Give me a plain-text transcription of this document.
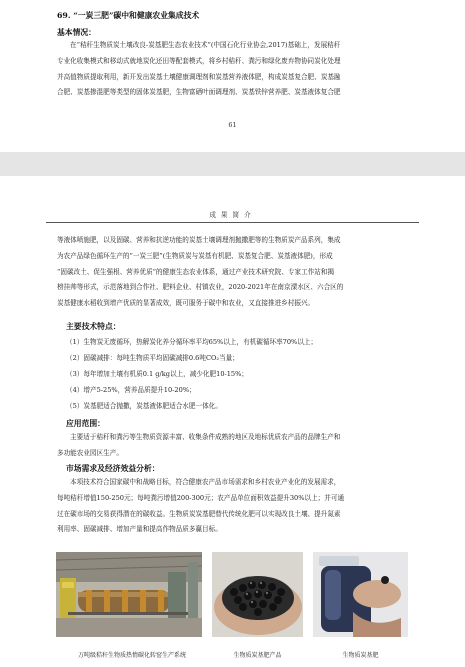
69. “一炭三肥”碳中和健康农业集成技术
基本情况：
在“秸秆生物质炭土壤改良-炭基肥生态农业技术”(中国石化行业协会,2017)基础上，发展秸秆
专业化收集模式和移动式就地炭化还田等配套模式，将乡村秸秆、粪污和绿化废弃物协同炭化处理
并高值物质提取利用，新开发出炭基土壤健康调理剂和炭基营养液体肥，构成炭基复合肥、炭基融
合肥、炭基掺混肥等类型的固体炭基肥，生物富硒叶面调理剂、炭基铁锌营养肥、炭基液体复合肥
61
成果简介
等液体喷施肥，以及固碳、营养和抗逆功能的炭基土壤调理剂抛撒肥等的生物质炭产品系列，集成
为农产品绿色循环生产的”一炭三肥”(生物质炭与炭基有机肥、炭基复合肥、炭基液体肥)，形成
“固碳改土、促生强根、营养优质”的健康生态农业体系，通过产业技术研究院、专家工作站和揭
榜挂帅等形式，示范落地到合作社、肥料企业、村镇农业，2020-2021年在南京溧水区、六合区的
炭基健康水稻收到增产优质的显著成效，既可服务于碳中和农业，又直接推进乡村振兴。
主要技术特点：
（1）生物炭无废循环，热解炭化养分循环率平均65%以上，有机碳循环率70%以上；
（2）固碳减排：每吨生物质平均固碳减排0.6吨CO₂当量；
（3）每年增加土壤有机质0.1 g/kg以上，减少化肥10-15%；
（4）增产5-25%，营养品质提升10-20%；
（5）炭基肥适合抛撒，炭基液体肥适合水肥一体化。
应用范围：
主要适于秸秆和粪污等生物质资源丰富、收集条件成熟的地区及地标优质农产品的品牌生产和
多功能农业园区生产。
市场需求及经济效益分析：
本项技术符合国家碳中和战略目标，符合健康农产品市场需求和乡村农业产业化的发展需求，
每吨秸秆增值150-250元；每吨粪污增值200-300元；农产品单位面积效益提升30%以上；并可通
过在碳市场的交易获得潜在的碳收益。生物质炭炭基肥替代传统化肥可以实现改良土壤、提升氮素
利用率、固碳减排、增加产量和提高作物品质多赢目标。
万吨级秸秆生物质热惰碳化转窑生产系统	生物质炭基肥产品	生物质炭基肥
